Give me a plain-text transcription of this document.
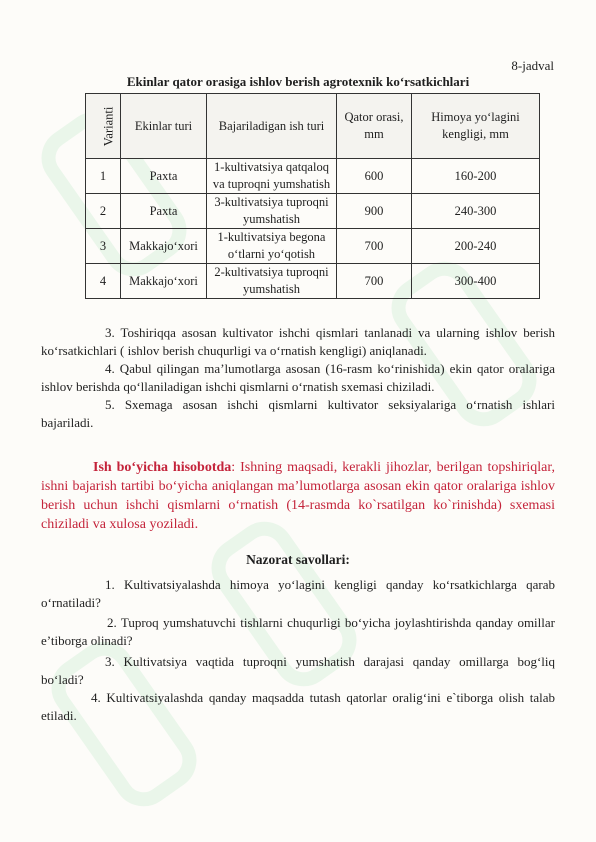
8-jadval
Ekinlar qator orasiga ishlov berish agrotexnik ko‘rsatkichlari
Varianti	Ekinlar turi	Bajariladigan ish turi	Qator orasi, mm	Himoya yo‘lagini kengligi, mm
1	Paxta	1-kultivatsiya qatqaloq va tuproqni yumshatish	600	160-200
2	Paxta	3-kultivatsiya tuproqni yumshatish	900	240-300
3	Makkajo‘xori	1-kultivatsiya begona o‘tlarni yo‘qotish	700	200-240
4	Makkajo‘xori	2-kultivatsiya tuproqni yumshatish	700	300-400

3. Toshiriqqa asosan kultivator ishchi qismlari tanlanadi va ularning ishlov berish ko‘rsatkichlari ( ishlov berish chuqurligi va o‘rnatish kengligi) aniqlanadi.

4. Qabul qilingan ma’lumotlarga asosan (16-rasm ko‘rinishida) ekin qator oralariga ishlov berishda qo‘llaniladigan ishchi qismlarni o‘rnatish sxemasi chiziladi.

5. Sxemaga asosan ishchi qismlarni kultivator seksiyalariga o‘rnatish ishlari bajariladi.

Ish bo‘yicha hisobotda: Ishning maqsadi, kerakli jihozlar, berilgan topshiriqlar, ishni bajarish tartibi bo‘yicha aniqlangan ma’lumotlarga asosan ekin qator oralariga ishlov berish uchun ishchi qismlarni o‘rnatish (14-rasmda ko`rsatilgan ko`rinishda) sxemasi chiziladi va xulosa yoziladi.

Nazorat savollari:

1. Kultivatsiyalashda himoya yo‘lagini kengligi qanday ko‘rsatkichlarga qarab o‘rnatiladi?

2. Tuproq yumshatuvchi tishlarni chuqurligi bo‘yicha joylashtirishda qanday omillar e’tiborga olinadi?

3. Kultivatsiya vaqtida tuproqni yumshatish darajasi qanday omillarga bog‘liq bo‘ladi?

4. Kultivatsiyalashda qanday maqsadda tutash qatorlar oralig‘ini e`tiborga olish talab etiladi.
